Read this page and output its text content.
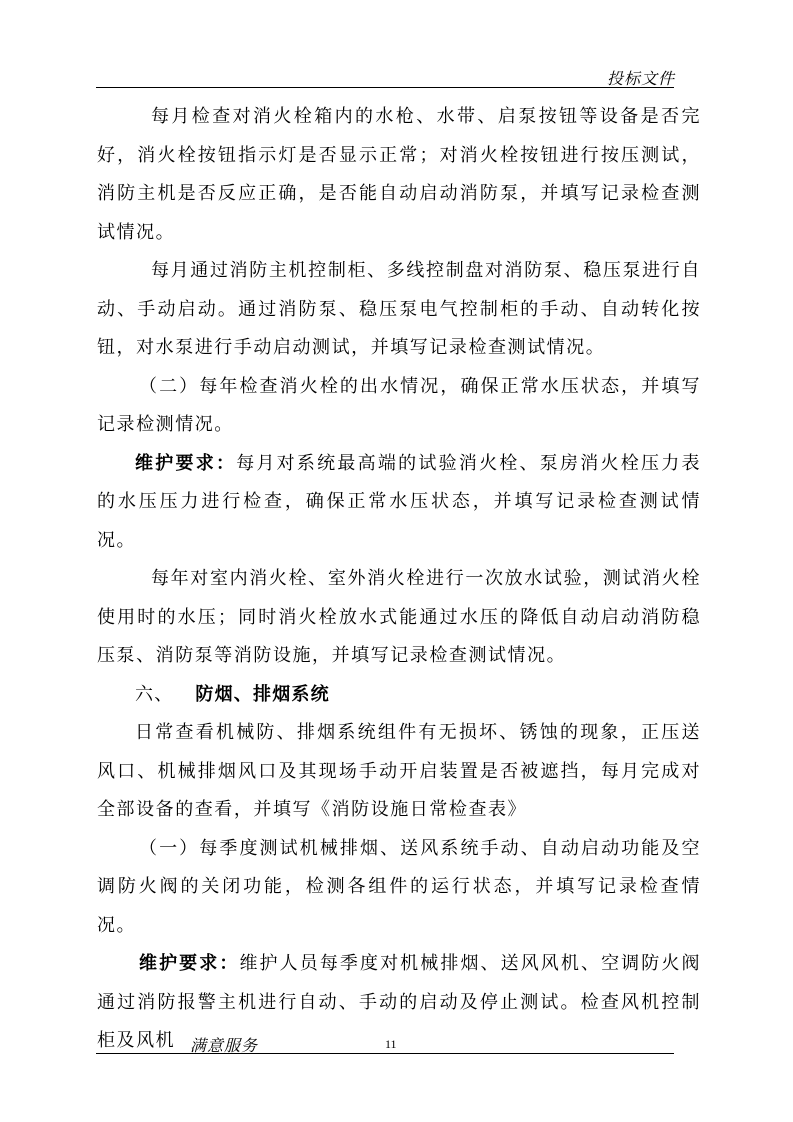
投标文件

每月检查对消火栓箱内的水枪、水带、启泵按钮等设备是否完好，消火栓按钮指示灯是否显示正常；对消火栓按钮进行按压测试，消防主机是否反应正确，是否能自动启动消防泵，并填写记录检查测试情况。

每月通过消防主机控制柜、多线控制盘对消防泵、稳压泵进行自动、手动启动。通过消防泵、稳压泵电气控制柜的手动、自动转化按钮，对水泵进行手动启动测试，并填写记录检查测试情况。

（二）每年检查消火栓的出水情况，确保正常水压状态，并填写记录检测情况。

维护要求：每月对系统最高端的试验消火栓、泵房消火栓压力表的水压压力进行检查，确保正常水压状态，并填写记录检查测试情况。

每年对室内消火栓、室外消火栓进行一次放水试验，测试消火栓使用时的水压；同时消火栓放水式能通过水压的降低自动启动消防稳压泵、消防泵等消防设施，并填写记录检查测试情况。

六、 防烟、排烟系统

日常查看机械防、排烟系统组件有无损坏、锈蚀的现象，正压送风口、机械排烟风口及其现场手动开启装置是否被遮挡，每月完成对全部设备的查看，并填写《消防设施日常检查表》

（一）每季度测试机械排烟、送风系统手动、自动启动功能及空调防火阀的关闭功能，检测各组件的运行状态，并填写记录检查情况。

维护要求：维护人员每季度对机械排烟、送风风机、空调防火阀通过消防报警主机进行自动、手动的启动及停止测试。检查风机控制柜及风机 满意服务	11
